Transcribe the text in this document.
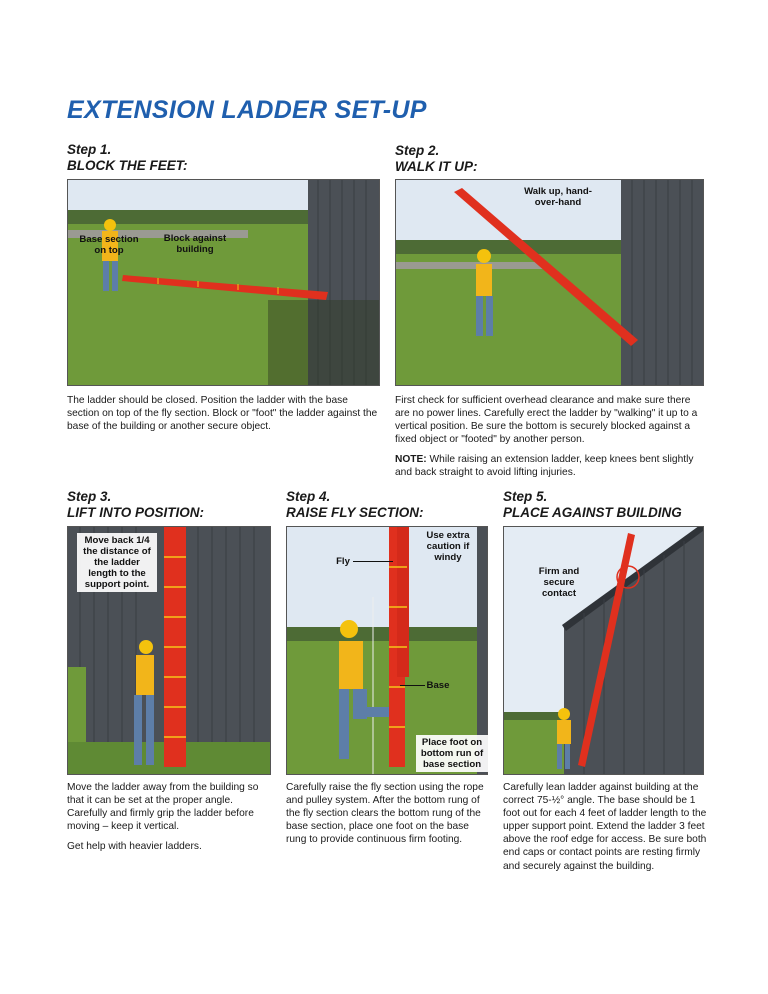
EXTENSION LADDER SET-UP
Step 1.
BLOCK THE FEET:
Base section on top
Block against building

The ladder should be closed. Position the ladder with the base section on top of the fly section. Block or "foot" the ladder against the base of the building or another secure object.

Step 2.
WALK IT UP:
Walk up, hand-over-hand

First check for sufficient overhead clearance and make sure there are no power lines. Carefully erect the ladder by "walking" it up to a vertical position. Be sure the bottom is securely blocked against a fixed object or "footed" by another person.

NOTE: While raising an extension ladder, keep knees bent slightly and back straight to avoid lifting injuries.

Step 3.
LIFT INTO POSITION:
Move back 1/4 the distance of the ladder length to the support point.

Move the ladder away from the building so that it can be set at the proper angle. Carefully and firmly grip the ladder before moving – keep it vertical.

Get help with heavier ladders.

Step 4.
RAISE FLY SECTION:
Use extra caution if windy
Fly
Base
Place foot on bottom run of base section

Carefully raise the fly section using the rope and pulley system. After the bottom rung of the fly section clears the bottom rung of the base section, place one foot on the base rung to provide continuous firm footing.

Step 5.
PLACE AGAINST BUILDING
Firm and secure contact

Carefully lean ladder against building at the correct 75-½° angle. The base should be 1 foot out for each 4 feet of ladder length to the upper support point. Extend the ladder 3 feet above the roof edge for access. Be sure both end caps or contact points are resting firmly and securely against the building.
